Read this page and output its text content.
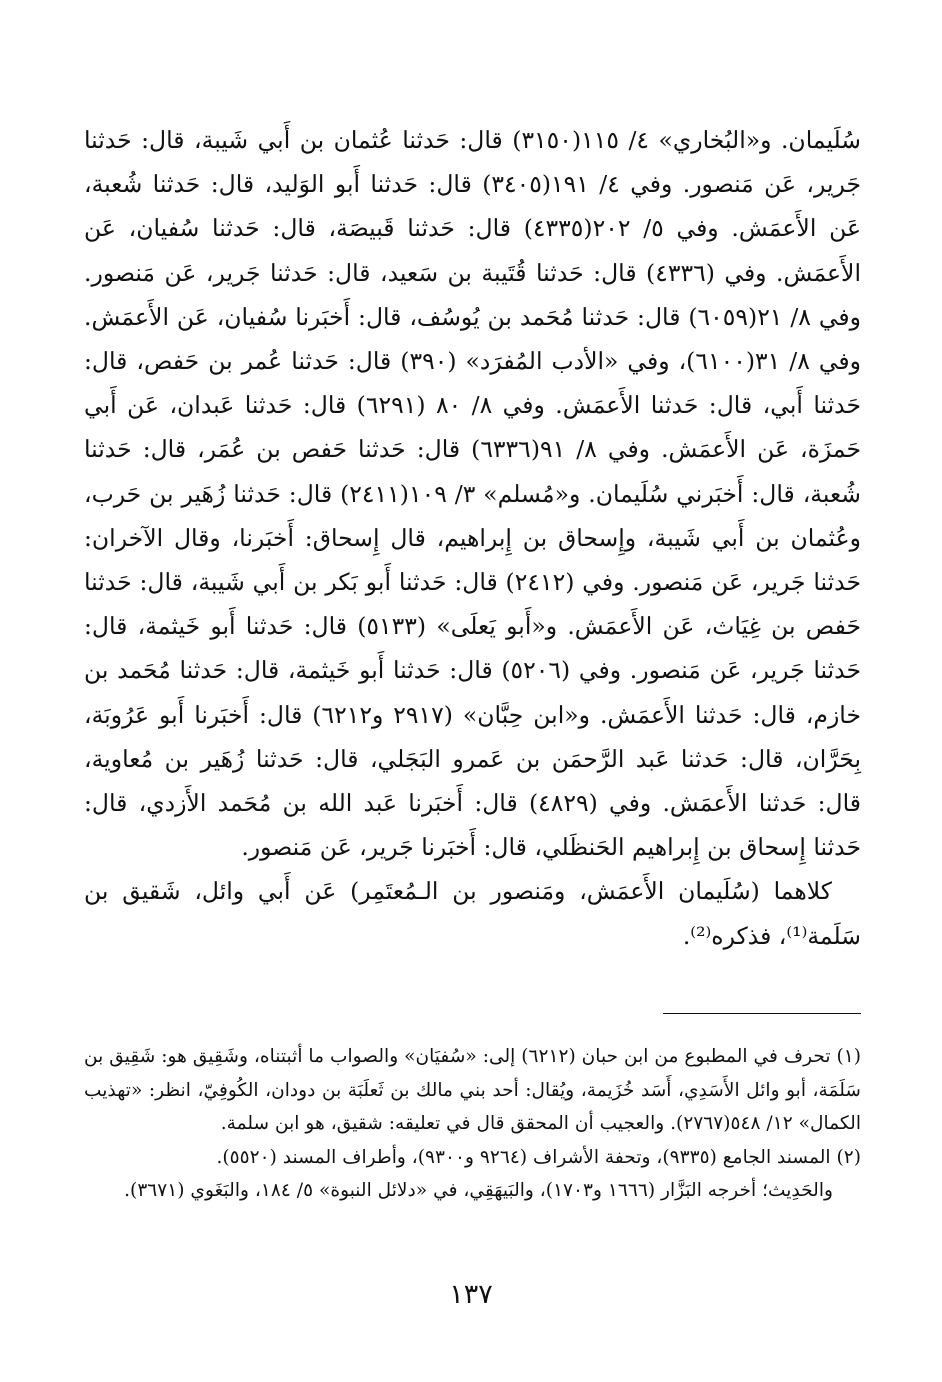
سُلَيمان. و«البُخاري» ٤/ ١١٥(٣١٥٠) قال: حَدثنا عُثمان بن أَبي شَيبة، قال: حَدثنا جَرير، عَن مَنصور. وفي ٤/ ١٩١(٣٤٠٥) قال: حَدثنا أَبو الوَليد، قال: حَدثنا شُعبة، عَن الأَعمَش. وفي ٥/ ٢٠٢(٤٣٣٥) قال: حَدثنا قَبيصَة، قال: حَدثنا سُفيان، عَن الأَعمَش. وفي (٤٣٣٦) قال: حَدثنا قُتَيبة بن سَعيد، قال: حَدثنا جَرير، عَن مَنصور. وفي ٨/ ٢١(٦٠٥٩) قال: حَدثنا مُحَمد بن يُوسُف، قال: أَخبَرنا سُفيان، عَن الأَعمَش. وفي ٨/ ٣١(٦١٠٠)، وفي «الأدب المُفرَد» (٣٩٠) قال: حَدثنا عُمر بن حَفص، قال: حَدثنا أَبي، قال: حَدثنا الأَعمَش. وفي ٨/ ٨٠ (٦٢٩١) قال: حَدثنا عَبدان، عَن أَبي حَمزَة، عَن الأَعمَش. وفي ٨/ ٩١(٦٣٣٦) قال: حَدثنا حَفص بن عُمَر، قال: حَدثنا شُعبة، قال: أَخبَرني سُلَيمان. و«مُسلم» ٣/ ١٠٩(٢٤١١) قال: حَدثنا زُهَير بن حَرب، وعُثمان بن أَبي شَيبة، وإِسحاق بن إِبراهيم، قال إِسحاق: أَخبَرنا، وقال الآخران: حَدثنا جَرير، عَن مَنصور. وفي (٢٤١٢) قال: حَدثنا أَبو بَكر بن أَبي شَيبة، قال: حَدثنا حَفص بن غِيَاث، عَن الأَعمَش. و«أَبو يَعلَى» (٥١٣٣) قال: حَدثنا أَبو خَيثمة، قال: حَدثنا جَرير، عَن مَنصور. وفي (٥٢٠٦) قال: حَدثنا أَبو خَيثمة، قال: حَدثنا مُحَمد بن خازم، قال: حَدثنا الأَعمَش. و«ابن حِبَّان» (٢٩١٧ و٦٢١٢) قال: أَخبَرنا أَبو عَرُوبَة، بِحَرَّان، قال: حَدثنا عَبد الرَّحمَن بن عَمرو البَجَلي، قال: حَدثنا زُهَير بن مُعاوية، قال: حَدثنا الأَعمَش. وفي (٤٨٢٩) قال: أَخبَرنا عَبد الله بن مُحَمد الأَزدي، قال: حَدثنا إِسحاق بن إِبراهيم الحَنظَلي، قال: أَخبَرنا جَرير، عَن مَنصور.

كلاهما (سُلَيمان الأَعمَش، ومَنصور بن الـمُعتَمِر) عَن أَبي وائل، شَقيق بن سَلَمة⁽¹⁾، فذكره⁽²⁾.

(١) تحرف في المطبوع من ابن حبان (٦٢١٢) إلى: «سُفيَان» والصواب ما أثبتناه، وشَقِيق هو: شَقِيق بن سَلَمَة، أبو وائل الأَسَدِي، أَسَد خُزَيمة، ويُقال: أحد بني مالك بن ثَعلَبَة بن دودان، الكُوفِيّ، انظر: «تهذيب الكمال» ١٢/ ٥٤٨(٢٧٦٧). والعجيب أن المحقق قال في تعليقه: شقيق، هو ابن سلمة.

(٢) المسند الجامع (٩٣٣٥)، وتحفة الأشراف (٩٢٦٤ و٩٣٠٠)، وأطراف المسند (٥٥٢٠).

والحَدِيث؛ أخرجه البَزَّار (١٦٦٦ و١٧٠٣)، والبَيهَقِي، في «دلائل النبوة» ٥/ ١٨٤، والبَغَوي (٣٦٧١).

١٣٧
